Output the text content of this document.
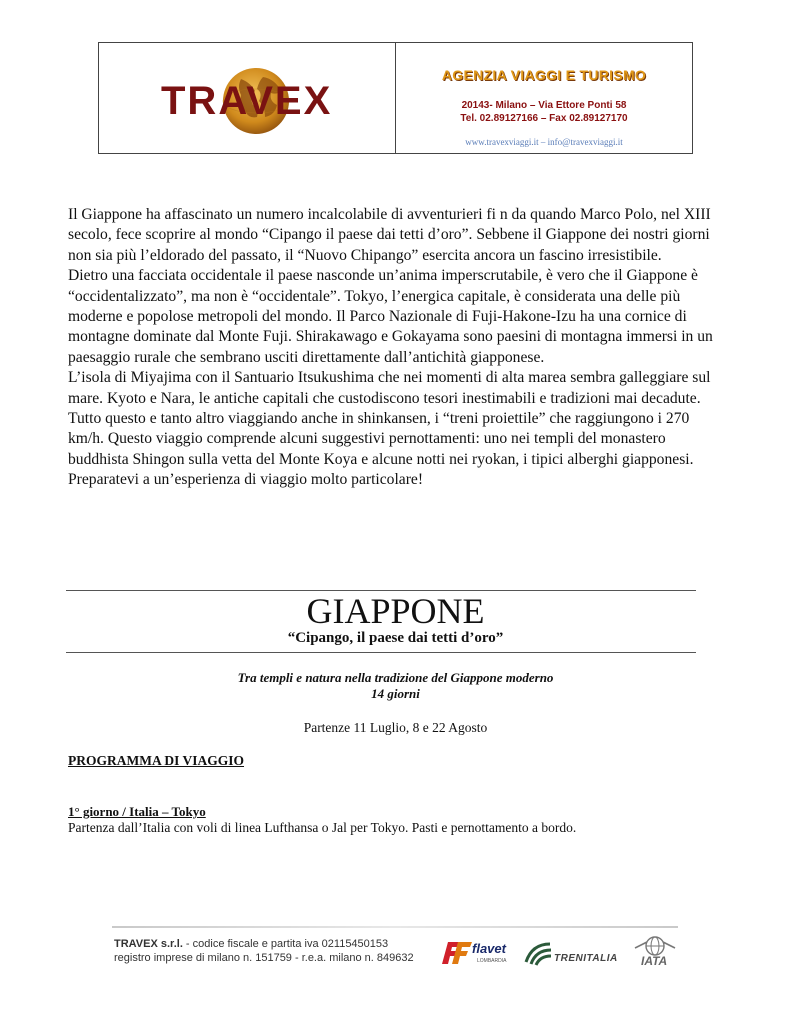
TRAVEX
AGENZIA VIAGGI E TURISMO
20143- Milano – Via Ettore Ponti 58
Tel. 02.89127166 – Fax 02.89127170
www.travexviaggi.it – info@travexviaggi.it

Il Giappone ha affascinato un numero incalcolabile di avventurieri fi n da quando Marco Polo, nel XIII secolo, fece scoprire al mondo “Cipango il paese dai tetti d’oro”. Sebbene il Giappone dei nostri giorni non sia più l’eldorado del passato, il “Nuovo Chipango” esercita ancora un fascino irresistibile.

Dietro una facciata occidentale il paese nasconde un’anima imperscrutabile, è vero che il Giappone è “occidentalizzato”, ma non è “occidentale”. Tokyo, l’energica capitale, è considerata una delle più moderne e popolose metropoli del mondo. Il Parco Nazionale di Fuji-Hakone-Izu ha una cornice di montagne dominate dal Monte Fuji. Shirakawago e Gokayama sono paesini di montagna immersi in un paesaggio rurale che sembrano usciti direttamente dall’antichità giapponese.

L’isola di Miyajima con il Santuario Itsukushima che nei momenti di alta marea sembra galleggiare sul mare. Kyoto e Nara, le antiche capitali che custodiscono tesori inestimabili e tradizioni mai decadute. Tutto questo e tanto altro viaggiando anche in shinkansen, i “treni proiettile” che raggiungono i 270 km/h. Questo viaggio comprende alcuni suggestivi pernottamenti: uno nei templi del monastero buddhista Shingon sulla vetta del Monte Koya e alcune notti nei ryokan, i tipici alberghi giapponesi. Preparatevi a un’esperienza di viaggio molto particolare!

GIAPPONE
“Cipango, il paese dai tetti d’oro”
Tra templi e natura nella tradizione del Giappone moderno
14 giorni
Partenze 11 Luglio, 8 e 22 Agosto
PROGRAMMA DI VIAGGIO
1° giorno / Italia – Tokyo
Partenza dall’Italia con voli di linea Lufthansa o Jal per Tokyo. Pasti e pernottamento a bordo.
TRAVEX s.r.l. - codice fiscale e partita iva 02115450153
registro imprese di milano n. 151759 - r.e.a. milano n. 849632
flavet
LOMBARDIA	TRENITALIA IATA
